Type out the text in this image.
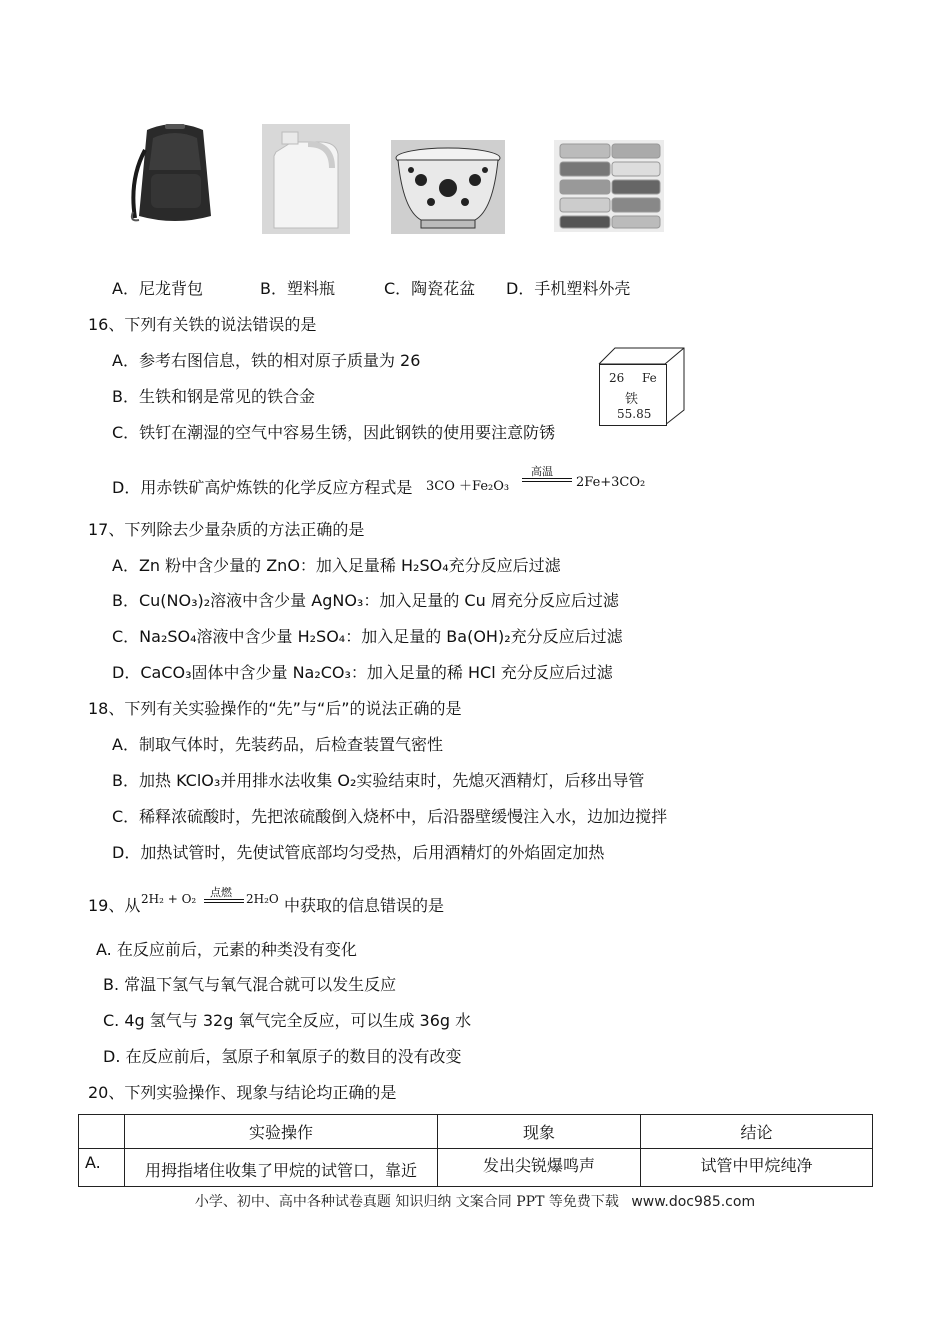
A．尼龙背包	B．塑料瓶	C．陶瓷花盆 D．手机塑料外壳
16、下列有关铁的说法错误的是
A．参考右图信息，铁的相对原子质量为 26
B．生铁和钢是常见的铁合金
C．铁钉在潮湿的空气中容易生锈，因此钢铁的使用要注意防锈
D．用赤铁矿高炉炼铁的化学反应方程式是
26 Fe
铁
55.85
3CO ＋Fe₂O₃
高温
2Fe+3CO₂
17、下列除去少量杂质的方法正确的是
A．Zn 粉中含少量的 ZnO：加入足量稀 H₂SO₄充分反应后过滤
B．Cu(NO₃)₂溶液中含少量 AgNO₃：加入足量的 Cu 屑充分反应后过滤
C．Na₂SO₄溶液中含少量 H₂SO₄：加入足量的 Ba(OH)₂充分反应后过滤
D．CaCO₃固体中含少量 Na₂CO₃：加入足量的稀 HCl 充分反应后过滤
18、下列有关实验操作的“先”与“后”的说法正确的是
A．制取气体时，先装药品，后检查装置气密性
B．加热 KClO₃并用排水法收集 O₂实验结束时，先熄灭酒精灯，后移出导管
C．稀释浓硫酸时，先把浓硫酸倒入烧杯中，后沿器壁缓慢注入水，边加边搅拌
D．加热试管时，先使试管底部均匀受热，后用酒精灯的外焰固定加热
19、从 2H₂ + O₂ 点燃 2H₂O 中获取的信息错误的是
A. 在反应前后，元素的种类没有变化
B. 常温下氢气与氧气混合就可以发生反应
C. 4g 氢气与 32g 氧气完全反应，可以生成 36g 水
D. 在反应前后，氢原子和氧原子的数目的没有改变
20、下列实验操作、现象与结论均正确的是
	实验操作	现象	结论
A.	用拇指堵住收集了甲烷的试管口，靠近	发出尖锐爆鸣声	试管中甲烷纯净
小学、初中、高中各种试卷真题 知识归纳 文案合同 PPT 等免费下载 www.doc985.com
